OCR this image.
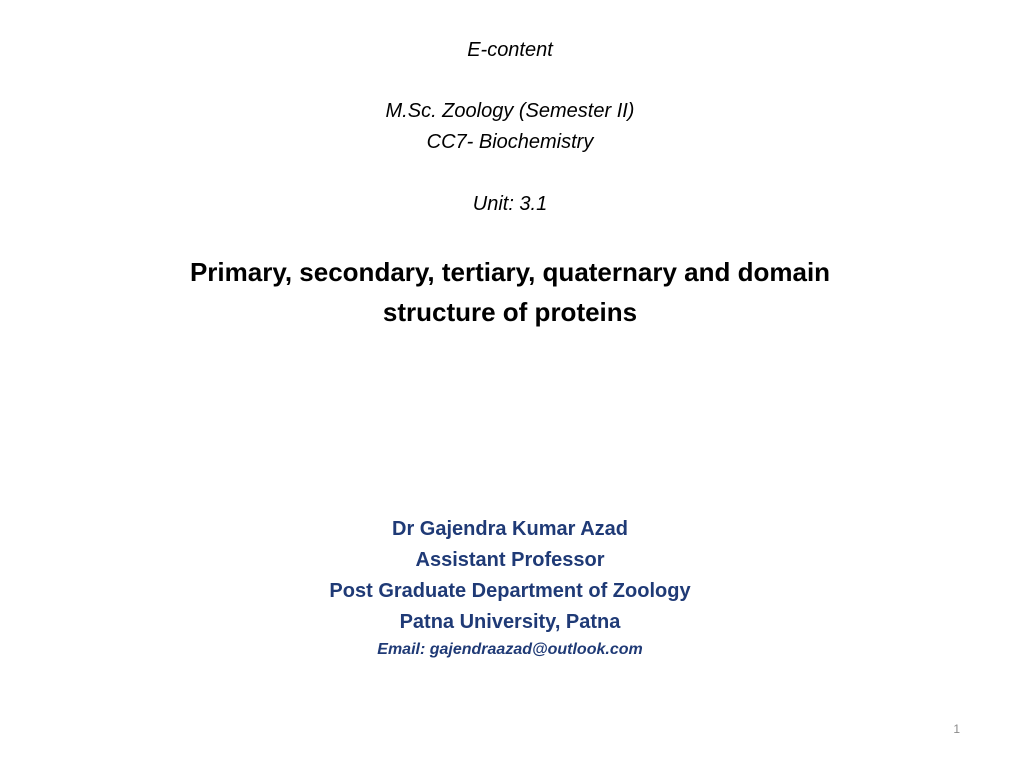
E-content
M.Sc. Zoology (Semester II)
CC7- Biochemistry
Unit: 3.1
Primary, secondary, tertiary, quaternary and domain
structure of proteins
Dr Gajendra Kumar Azad
Assistant Professor
Post Graduate Department of Zoology
Patna University, Patna
Email: gajendraazad@outlook.com
1
